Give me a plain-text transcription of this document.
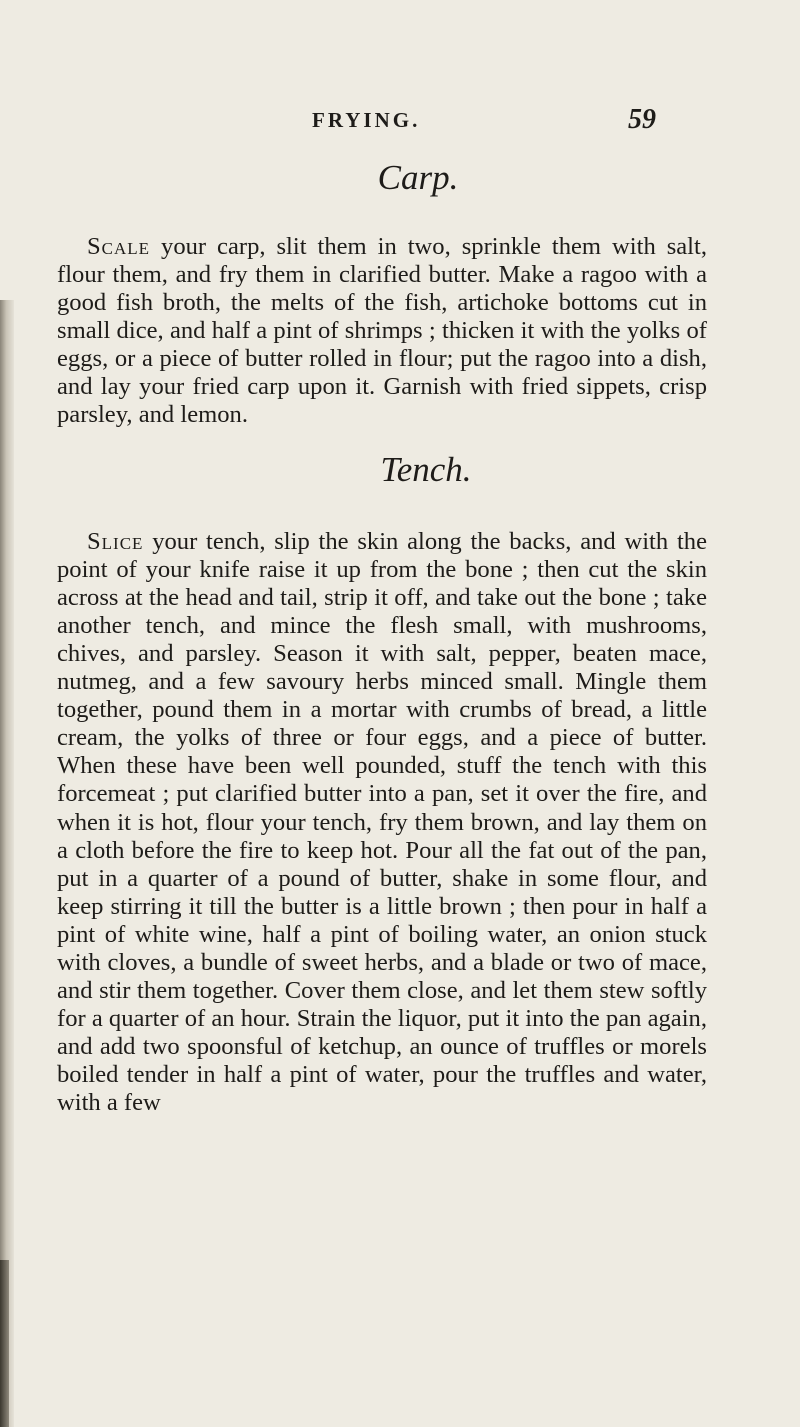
FRYING.	59
Carp.

Scale your carp, slit them in two, sprinkle them with salt, flour them, and fry them in clarified butter. Make a ragoo with a good fish broth, the melts of the fish, artichoke bottoms cut in small dice, and half a pint of shrimps ; thicken it with the yolks of eggs, or a piece of butter rolled in flour; put the ragoo into a dish, and lay your fried carp upon it. Garnish with fried sippets, crisp parsley, and lemon.

Tench.

Slice your tench, slip the skin along the backs, and with the point of your knife raise it up from the bone ; then cut the skin across at the head and tail, strip it off, and take out the bone ; take another tench, and mince the flesh small, with mushrooms, chives, and parsley. Season it with salt, pepper, beaten mace, nutmeg, and a few savoury herbs minced small. Mingle them together, pound them in a mortar with crumbs of bread, a little cream, the yolks of three or four eggs, and a piece of butter. When these have been well pounded, stuff the tench with this forcemeat ; put clarified butter into a pan, set it over the fire, and when it is hot, flour your tench, fry them brown, and lay them on a cloth before the fire to keep hot. Pour all the fat out of the pan, put in a quarter of a pound of butter, shake in some flour, and keep stirring it till the butter is a little brown ; then pour in half a pint of white wine, half a pint of boiling water, an onion stuck with cloves, a bundle of sweet herbs, and a blade or two of mace, and stir them together. Cover them close, and let them stew softly for a quarter of an hour. Strain the liquor, put it into the pan again, and add two spoonsful of ketchup, an ounce of truffles or morels boiled tender in half a pint of water, pour the truffles and water, with a few
